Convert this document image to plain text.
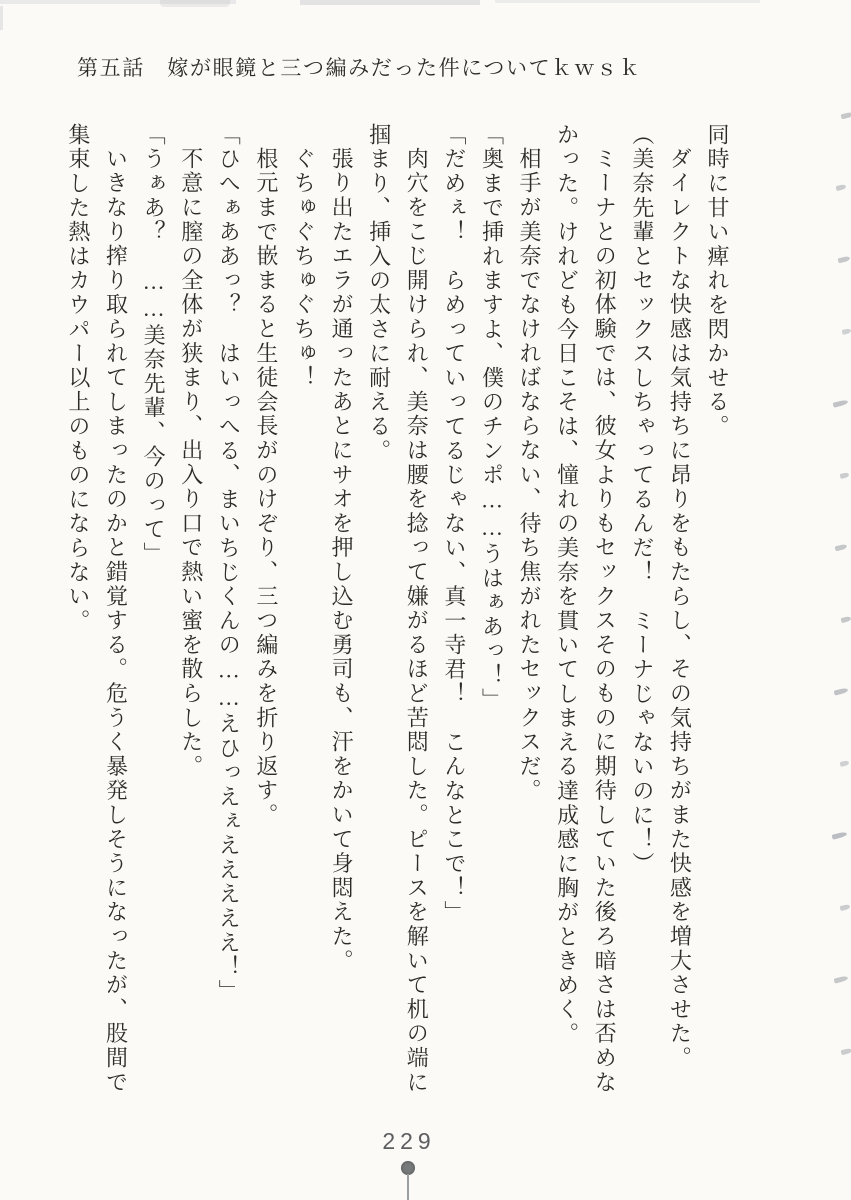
第五話　嫁が眼鏡と三つ編みだった件についてｋｗｓｋ

同時に甘い痺れを閃かせる。

ダイレクトな快感は気持ちに昂りをもたらし、その気持ちがまた快感を増大させた。

（美奈先輩とセックスしちゃってるんだ！　ミーナじゃないのに！）

ミーナとの初体験では、彼女よりもセックスそのものに期待していた後ろ暗さは否めな

かった。けれども今日こそは、憧れの美奈を貫いてしまえる達成感に胸がときめく。

相手が美奈でなければならない、待ち焦がれたセックスだ。

「奥まで挿れますよ、僕のチンポ……うはぁあっ！」

「だめぇ！　らめっていってるじゃない、真一寺君！　こんなとこで！」

肉穴をこじ開けられ、美奈は腰を捻って嫌がるほど苦悶した。ピースを解いて机の端に

掴まり、挿入の太さに耐える。

張り出たエラが通ったあとにサオを押し込む勇司も、汗をかいて身悶えた。

ぐちゅぐちゅぐちゅ！

根元まで嵌まると生徒会長がのけぞり、三つ編みを折り返す。

「ひへぁああっ？　はいっへる、まいちじくんの……えひっえぇえええええ！」

不意に膣の全体が狭まり、出入り口で熱い蜜を散らした。

「うぁあ？　……美奈先輩、今のって」

いきなり搾り取られてしまったのかと錯覚する。危うく暴発しそうになったが、股間で

集束した熱はカウパー以上のものにならない。

229
